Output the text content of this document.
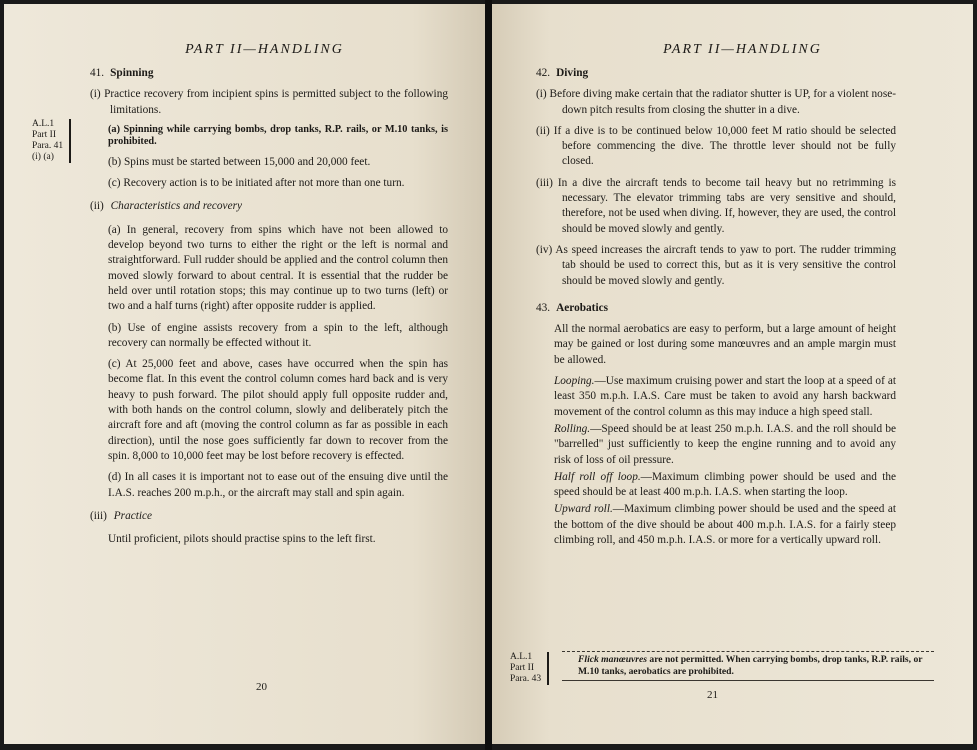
PART II—HANDLING
A.L.1
Part II
Para. 41
(i) (a)
41. Spinning
(i) Practice recovery from incipient spins is permitted subject to the following limitations.
(a) Spinning while carrying bombs, drop tanks, R.P. rails, or M.10 tanks, is prohibited.
(b) Spins must be started between 15,000 and 20,000 feet.
(c) Recovery action is to be initiated after not more than one turn.
(ii) Characteristics and recovery
(a) In general, recovery from spins which have not been allowed to develop beyond two turns to either the right or the left is normal and straightforward. Full rudder should be applied and the control column then moved slowly forward to about central. It is essential that the rudder be held over until rotation stops; this may continue up to two turns (left) or two and a half turns (right) after opposite rudder is applied.
(b) Use of engine assists recovery from a spin to the left, although recovery can normally be effected without it.
(c) At 25,000 feet and above, cases have occurred when the spin has become flat. In this event the control column comes hard back and is very heavy to push forward. The pilot should apply full opposite rudder and, with both hands on the control column, slowly and deliberately pitch the aircraft fore and aft (moving the control column as far as possible in each direction), until the nose goes sufficiently far down to recover from the spin. 8,000 to 10,000 feet may be lost before recovery is effected.
(d) In all cases it is important not to ease out of the ensuing dive until the I.A.S. reaches 200 m.p.h., or the aircraft may stall and spin again.
(iii) Practice
Until proficient, pilots should practise spins to the left first.
20
PART II—HANDLING
42. Diving
(i) Before diving make certain that the radiator shutter is UP, for a violent nose-down pitch results from closing the shutter in a dive.
(ii) If a dive is to be continued below 10,000 feet M ratio should be selected before commencing the dive. The throttle lever should not be fully closed.
(iii) In a dive the aircraft tends to become tail heavy but no retrimming is necessary. The elevator trimming tabs are very sensitive and should, therefore, not be used when diving. If, however, they are used, the control should be moved slowly and gently.
(iv) As speed increases the aircraft tends to yaw to port. The rudder trimming tab should be used to correct this, but as it is very sensitive the control should be moved slowly and gently.
43. Aerobatics
All the normal aerobatics are easy to perform, but a large amount of height may be gained or lost during some manœuvres and an ample margin must be allowed.
Looping.—Use maximum cruising power and start the loop at a speed of at least 350 m.p.h. I.A.S. Care must be taken to avoid any harsh backward movement of the control column as this may induce a high speed stall.
Rolling.—Speed should be at least 250 m.p.h. I.A.S. and the roll should be "barrelled" just sufficiently to keep the engine running and to avoid any risk of loss of oil pressure.
Half roll off loop.—Maximum climbing power should be used and the speed should be at least 400 m.p.h. I.A.S. when starting the loop.
Upward roll.—Maximum climbing power should be used and the speed at the bottom of the dive should be about 400 m.p.h. I.A.S. for a fairly steep climbing roll, and 450 m.p.h. I.A.S. or more for a vertically upward roll.
A.L.1
Part II
Para. 43
Flick manœuvres are not permitted. When carrying bombs, drop tanks, R.P. rails, or M.10 tanks, aerobatics are prohibited.
21
